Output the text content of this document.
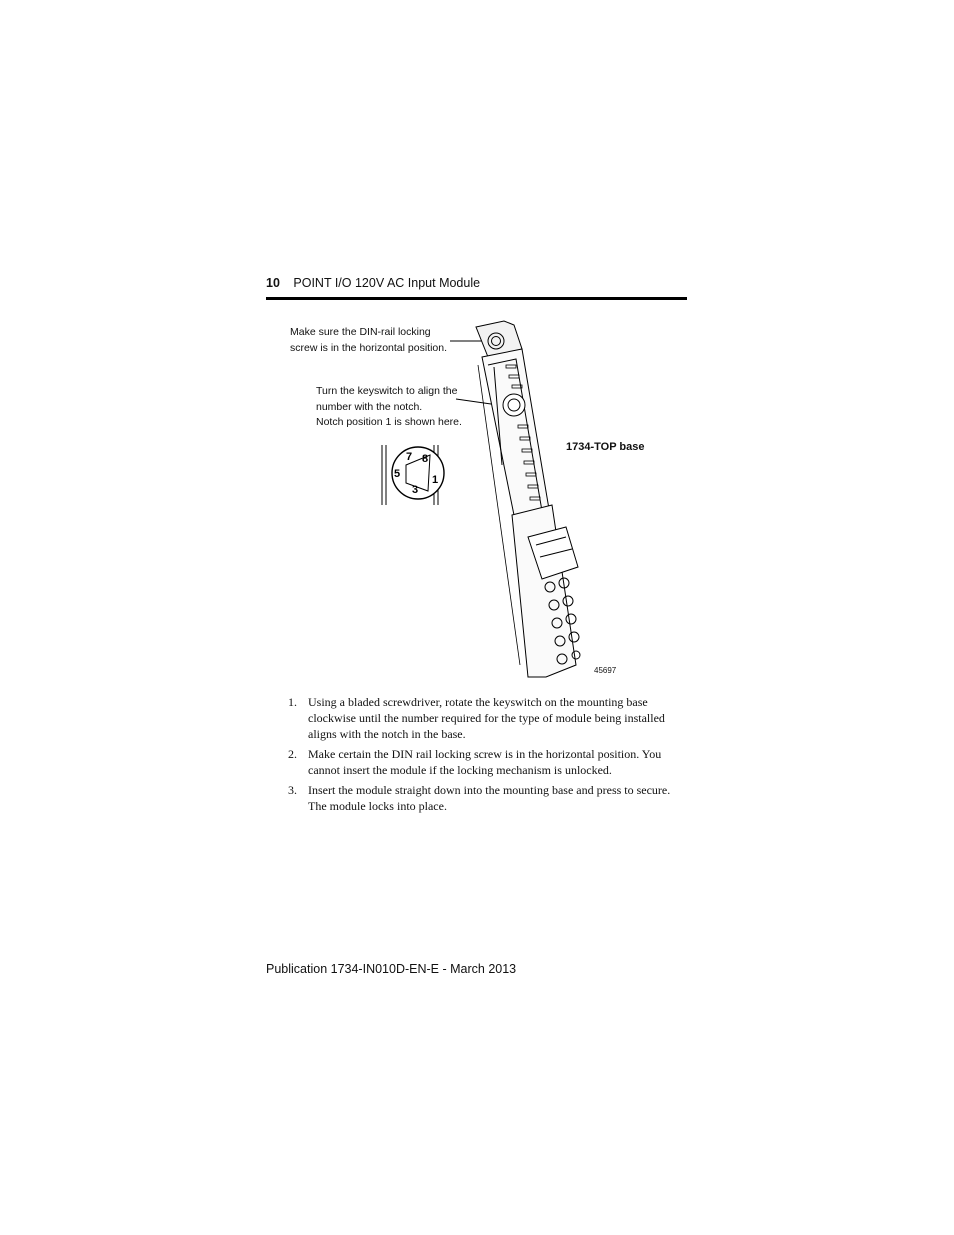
10 POINT I/O 120V AC Input Module
7 8
5	1
3
Make sure the DIN-rail locking screw is in the horizontal position.
Turn the keyswitch to align the
number with the notch.
Notch position 1 is shown here.
1734-TOP base
45697
1. Using a bladed screwdriver, rotate the keyswitch on the mounting base clockwise until the number required for the type of module being installed aligns with the notch in the base.
2. Make certain the DIN rail locking screw is in the horizontal position. You cannot insert the module if the locking mechanism is unlocked.
3. Insert the module straight down into the mounting base and press to secure. The module locks into place.
Publication 1734-IN010D-EN-E - March 2013
